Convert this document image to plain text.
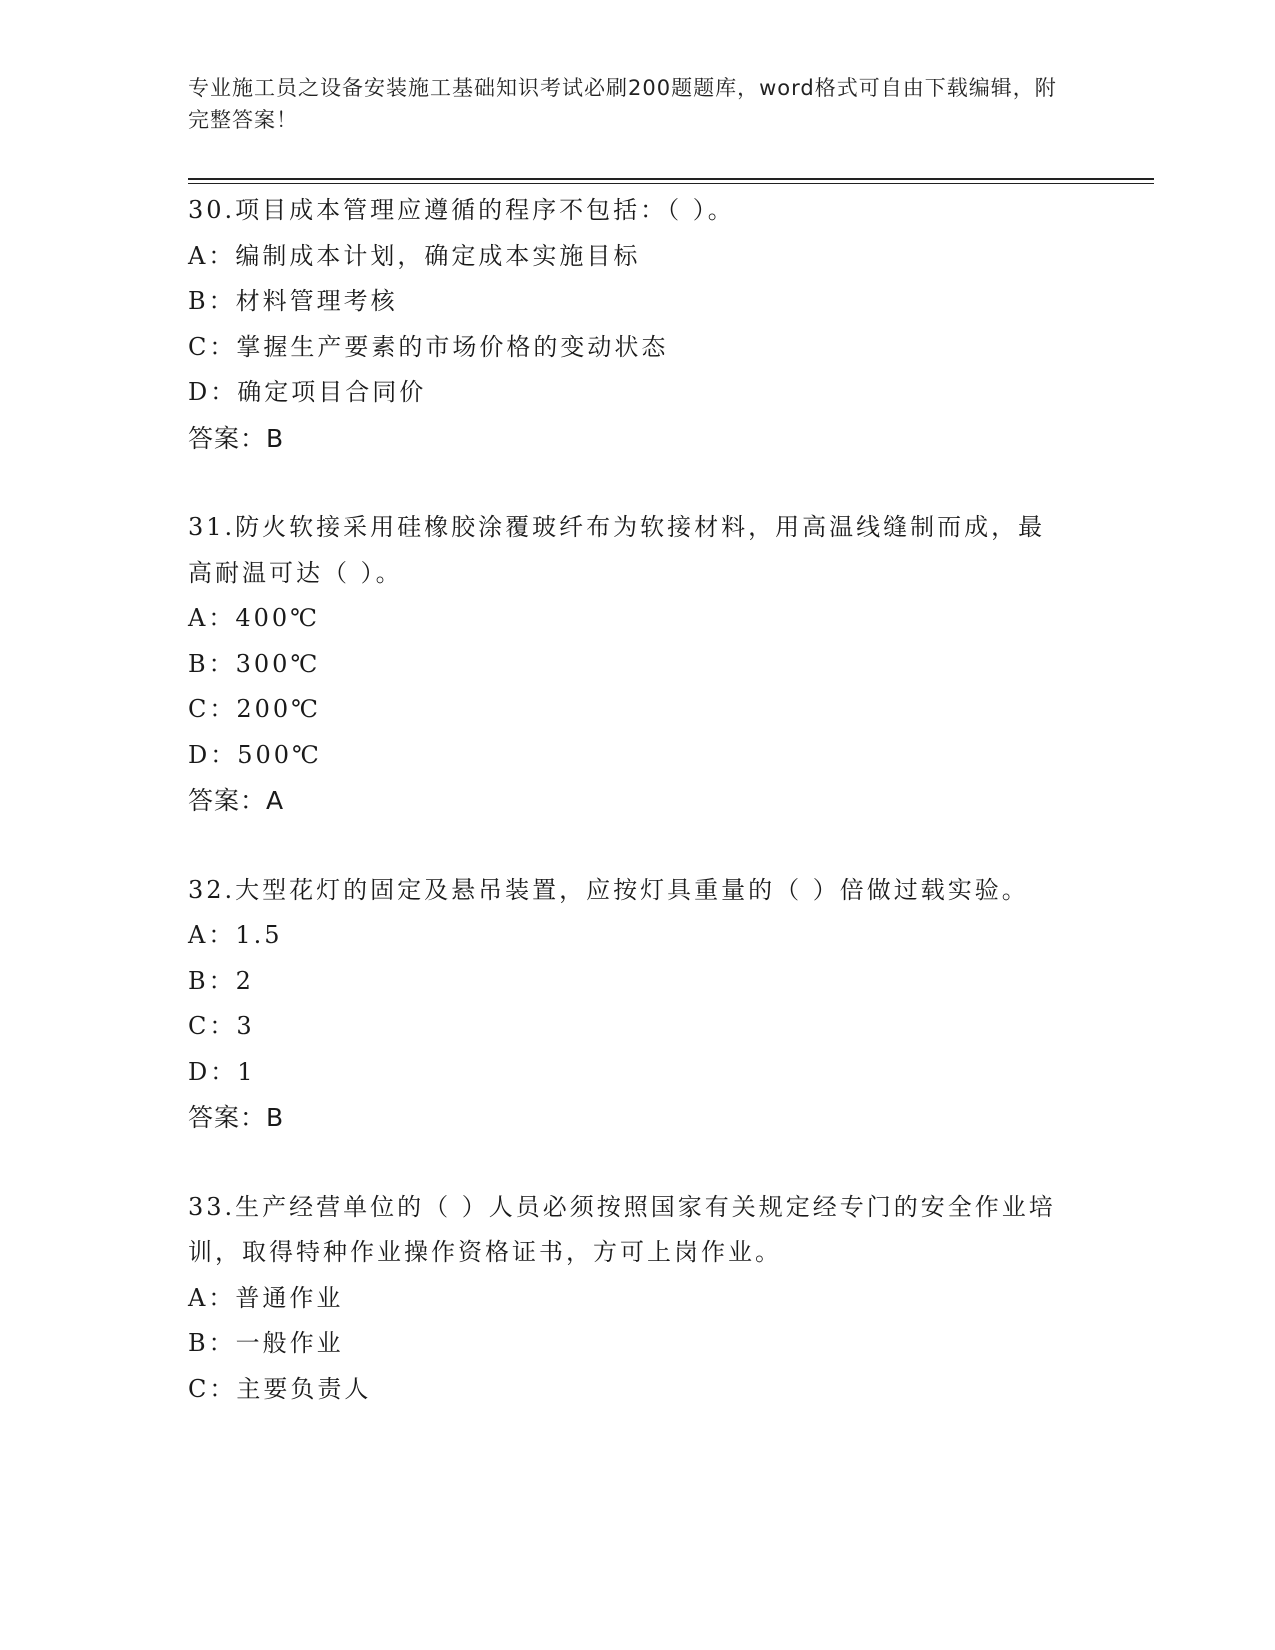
专业施工员之设备安装施工基础知识考试必刷200题题库，word格式可自由下载编辑，附完整答案！
30.项目成本管理应遵循的程序不包括：（ ）。
A：编制成本计划，确定成本实施目标
B：材料管理考核
C：掌握生产要素的市场价格的变动状态
D：确定项目合同价
答案：B
31.防火软接采用硅橡胶涂覆玻纤布为软接材料，用高温线缝制而成，最高耐温可达（ ）。
A：400℃
B：300℃
C：200℃
D：500℃
答案：A
32.大型花灯的固定及悬吊装置，应按灯具重量的（ ）倍做过载实验。
A：1.5
B：2
C：3
D：1
答案：B
33.生产经营单位的（ ）人员必须按照国家有关规定经专门的安全作业培训，取得特种作业操作资格证书，方可上岗作业。
A：普通作业
B：一般作业
C：主要负责人
